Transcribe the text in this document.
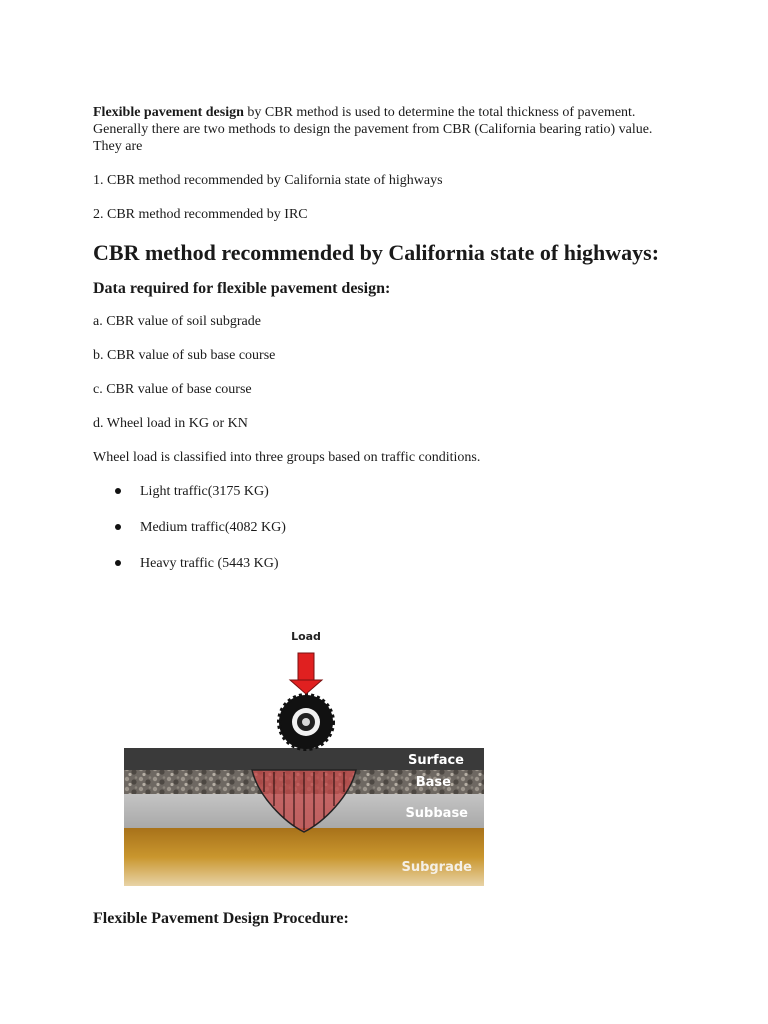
Flexible pavement design by CBR method is used to determine the total thickness of pavement. Generally there are two methods to design the pavement from CBR (California bearing ratio) value. They are

1. CBR method recommended by California state of highways

2. CBR method recommended by IRC

CBR method recommended by California state of highways:
Data required for flexible pavement design:

a. CBR value of soil subgrade

b. CBR value of sub base course

c. CBR value of base course

d. Wheel load in KG or KN

Wheel load is classified into three groups based on traffic conditions.

Light traffic(3175 KG)
Medium traffic(4082 KG)
Heavy traffic (5443 KG)
Load
Surface
Base
Subbase
Subgrade
Flexible Pavement Design Procedure:
